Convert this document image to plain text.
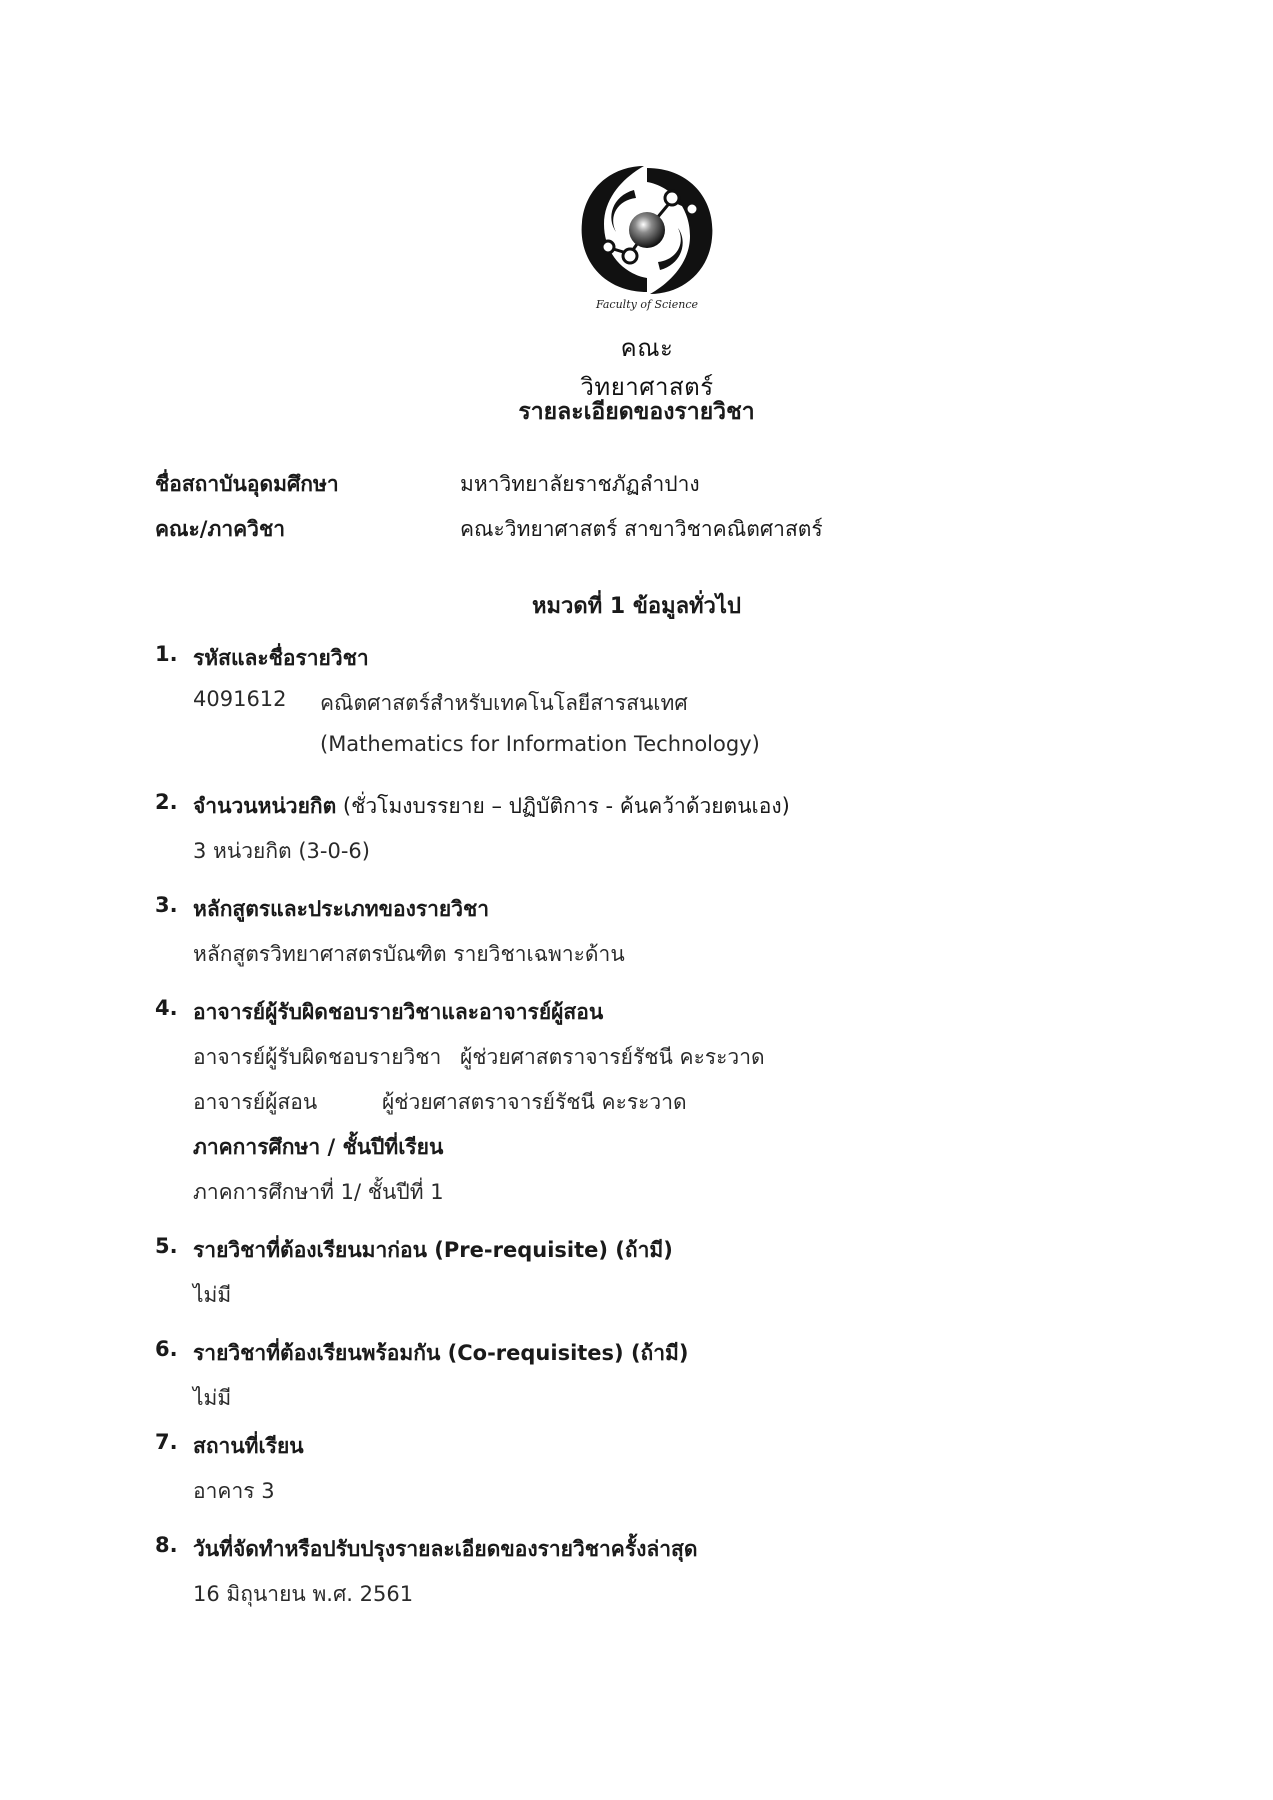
Faculty of Science
คณะวิทยาศาสตร์
รายละเอียดของรายวิชา
ชื่อสถาบันอุดมศึกษา	มหาวิทยาลัยราชภัฏลำปาง
คณะ/ภาควิชา	คณะวิทยาศาสตร์ สาขาวิชาคณิตศาสตร์
หมวดที่ 1 ข้อมูลทั่วไป
1. รหัสและชื่อรายวิชา
4091612 คณิตศาสตร์สำหรับเทคโนโลยีสารสนเทศ
(Mathematics for Information Technology)
2. จำนวนหน่วยกิต (ชั่วโมงบรรยาย – ปฏิบัติการ - ค้นคว้าด้วยตนเอง)
3 หน่วยกิต (3-0-6)
3. หลักสูตรและประเภทของรายวิชา
หลักสูตรวิทยาศาสตรบัณฑิต รายวิชาเฉพาะด้าน
4. อาจารย์ผู้รับผิดชอบรายวิชาและอาจารย์ผู้สอน
อาจารย์ผู้รับผิดชอบรายวิชา ผู้ช่วยศาสตราจารย์รัชนี คะระวาด
อาจารย์ผู้สอน	ผู้ช่วยศาสตราจารย์รัชนี คะระวาด
ภาคการศึกษา / ชั้นปีที่เรียน
ภาคการศึกษาที่ 1/ ชั้นปีที่ 1
5. รายวิชาที่ต้องเรียนมาก่อน (Pre-requisite) (ถ้ามี)
ไม่มี
6. รายวิชาที่ต้องเรียนพร้อมกัน (Co-requisites) (ถ้ามี)
ไม่มี
7. สถานที่เรียน
อาคาร 3
8. วันที่จัดทำหรือปรับปรุงรายละเอียดของรายวิชาครั้งล่าสุด
16 มิถุนายน พ.ศ. 2561
